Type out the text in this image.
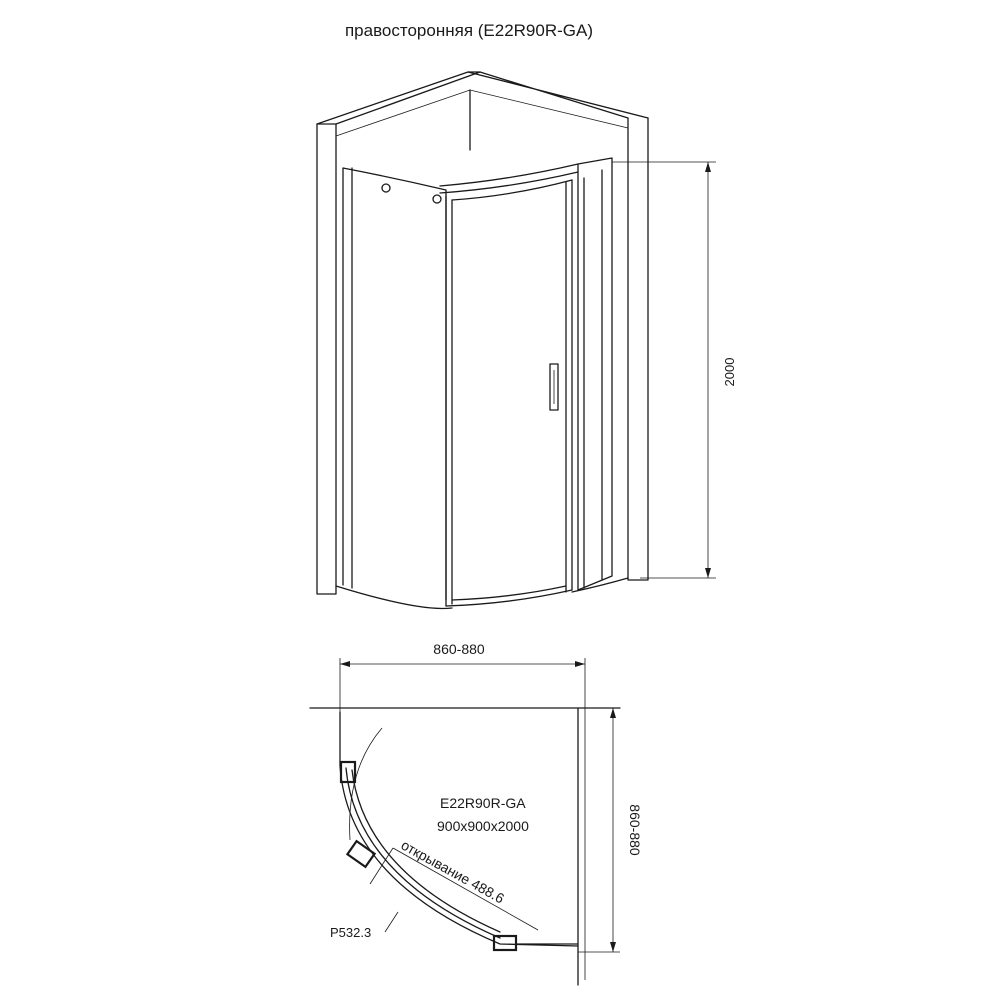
правосторонняя (E22R90R-GA)
2000
860-880
860-880
E22R90R-GA
900x900x2000
открывание 488.6
P532.3
